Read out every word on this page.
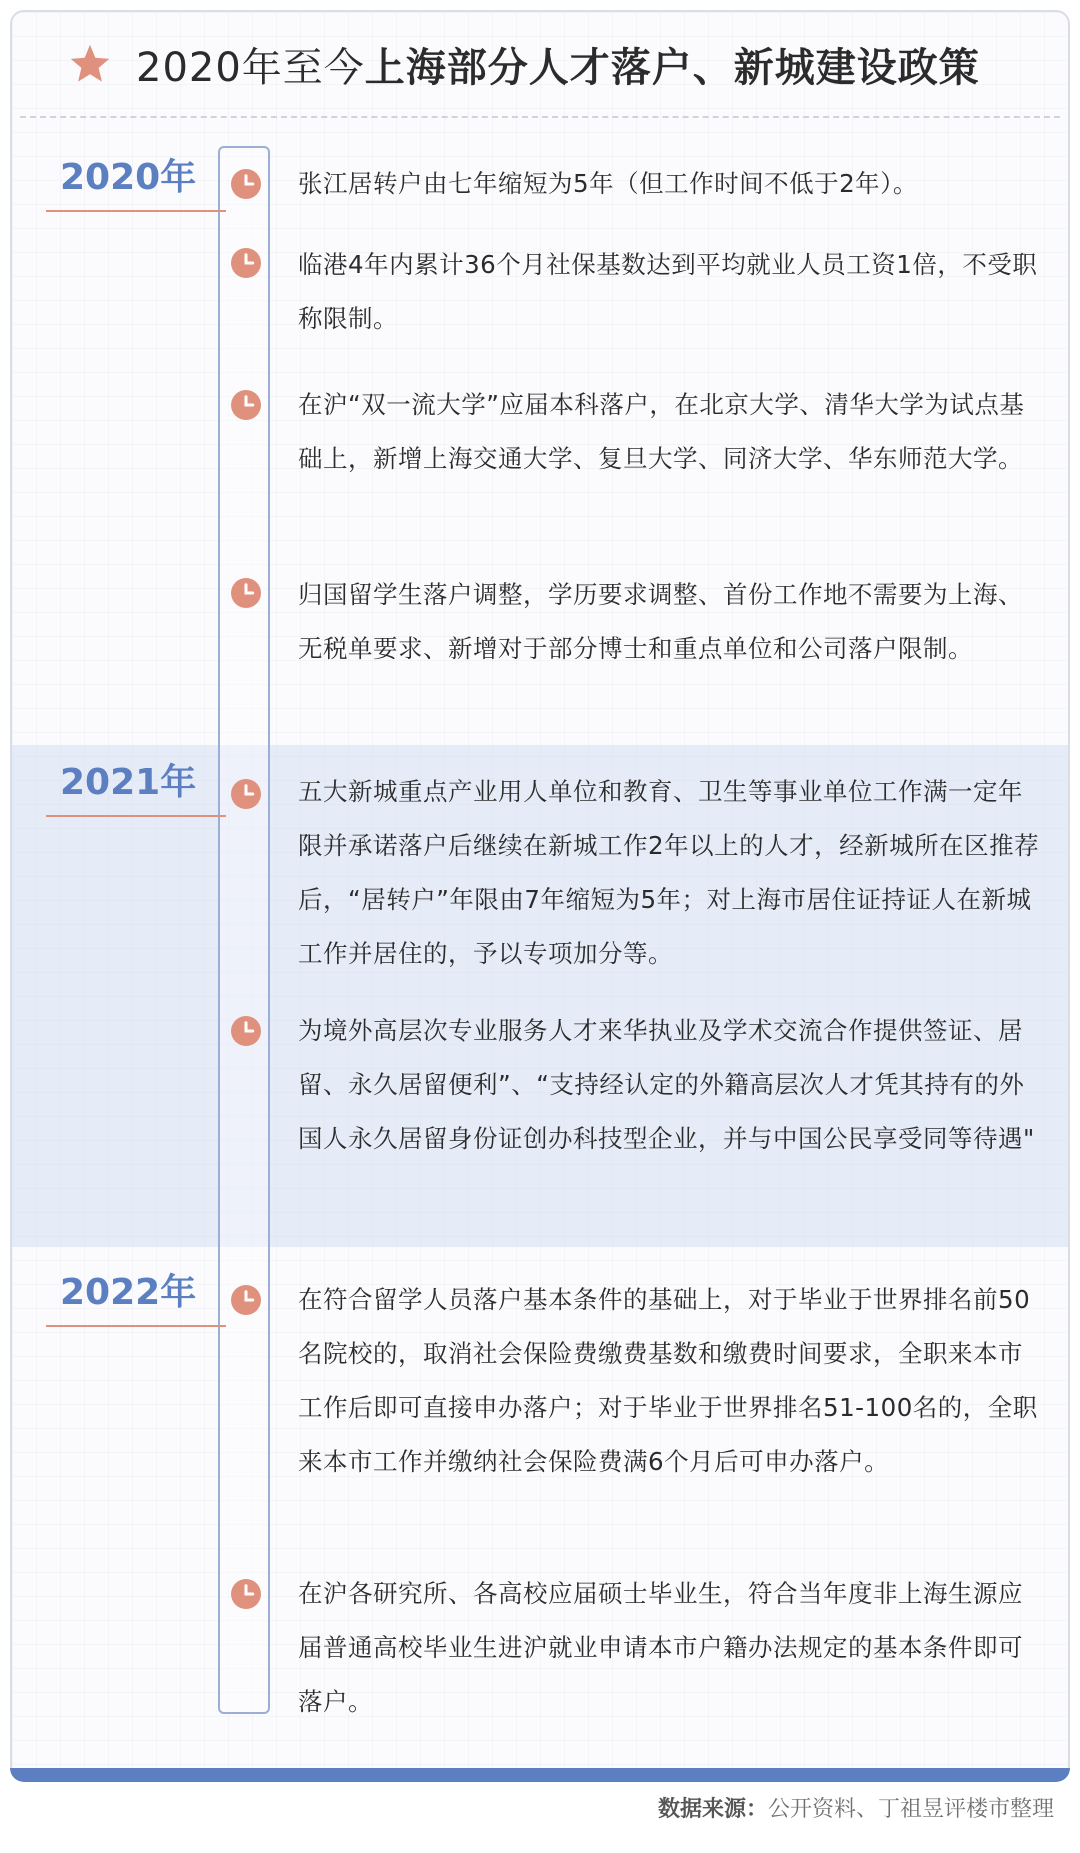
2020年至今上海部分人才落户、新城建设政策
2020年	张江居转户由七年缩短为5年（但工作时间不低于2年）。
临港4年内累计36个月社保基数达到平均就业人员工资1倍，不受职称限制。
在沪“双一流大学”应届本科落户，在北京大学、清华大学为试点基础上，新增上海交通大学、复旦大学、同济大学、华东师范大学。
归国留学生落户调整，学历要求调整、首份工作地不需要为上海、无税单要求、新增对于部分博士和重点单位和公司落户限制。
2021年	五大新城重点产业用人单位和教育、卫生等事业单位工作满一定年限并承诺落户后继续在新城工作2年以上的人才，经新城所在区推荐后，“居转户”年限由7年缩短为5年；对上海市居住证持证人在新城工作并居住的，予以专项加分等。
为境外高层次专业服务人才来华执业及学术交流合作提供签证、居留、永久居留便利”、“支持经认定的外籍高层次人才凭其持有的外国人永久居留身份证创办科技型企业，并与中国公民享受同等待遇"
2022年	在符合留学人员落户基本条件的基础上，对于毕业于世界排名前50名院校的，取消社会保险费缴费基数和缴费时间要求，全职来本市工作后即可直接申办落户；对于毕业于世界排名51-100名的，全职来本市工作并缴纳社会保险费满6个月后可申办落户。
在沪各研究所、各高校应届硕士毕业生，符合当年度非上海生源应届普通高校毕业生进沪就业申请本市户籍办法规定的基本条件即可落户。
数据来源：公开资料、丁祖昱评楼市整理
